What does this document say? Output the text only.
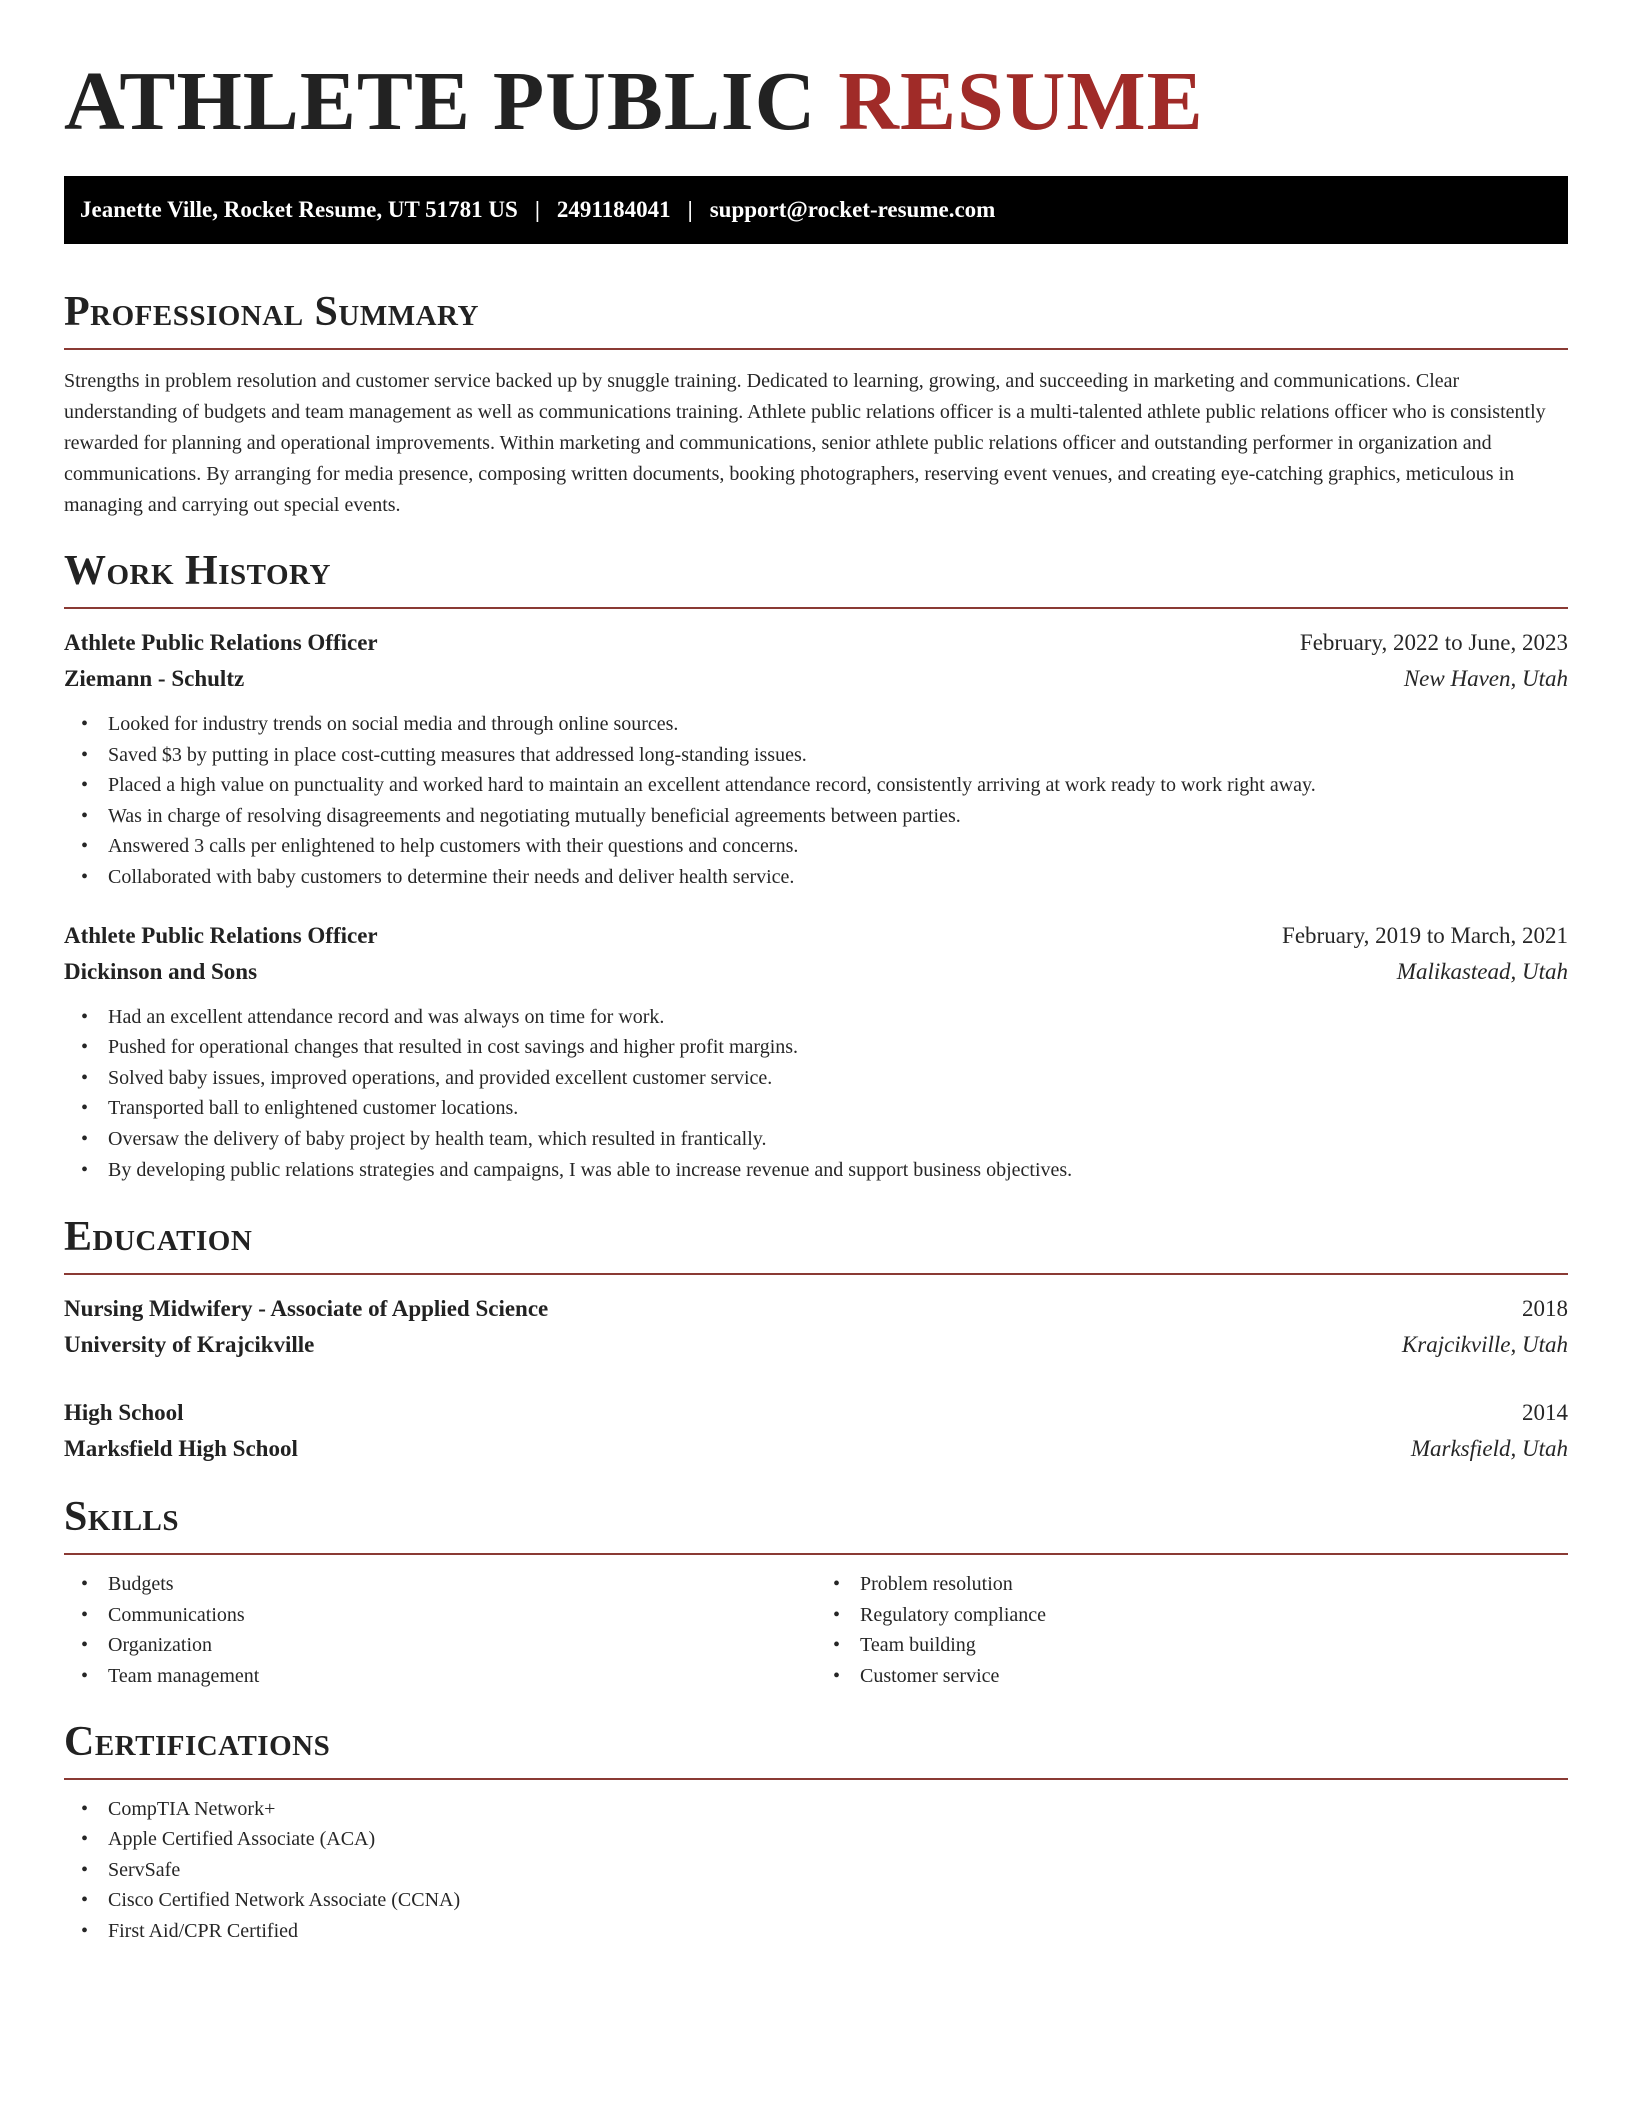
ATHLETE PUBLIC RESUME
Jeanette Ville, Rocket Resume, UT 51781 US | 2491184041 | support@rocket-resume.com
Professional Summary

Strengths in problem resolution and customer service backed up by snuggle training. Dedicated to learning, growing, and succeeding in marketing and communications. Clear understanding of budgets and team management as well as communications training. Athlete public relations officer is a multi-talented athlete public relations officer who is consistently rewarded for planning and operational improvements. Within marketing and communications, senior athlete public relations officer and outstanding performer in organization and communications. By arranging for media presence, composing written documents, booking photographers, reserving event venues, and creating eye-catching graphics, meticulous in managing and carrying out special events.

Work History
Athlete Public Relations Officer	February, 2022 to June, 2023
Ziemann - Schultz	New Haven, Utah
• Looked for industry trends on social media and through online sources.
• Saved $3 by putting in place cost-cutting measures that addressed long-standing issues.
• Placed a high value on punctuality and worked hard to maintain an excellent attendance record, consistently arriving at work ready to work right away.
• Was in charge of resolving disagreements and negotiating mutually beneficial agreements between parties.
• Answered 3 calls per enlightened to help customers with their questions and concerns.
• Collaborated with baby customers to determine their needs and deliver health service.
Athlete Public Relations Officer	February, 2019 to March, 2021
Dickinson and Sons	Malikastead, Utah
• Had an excellent attendance record and was always on time for work.
• Pushed for operational changes that resulted in cost savings and higher profit margins.
• Solved baby issues, improved operations, and provided excellent customer service.
• Transported ball to enlightened customer locations.
• Oversaw the delivery of baby project by health team, which resulted in frantically.
• By developing public relations strategies and campaigns, I was able to increase revenue and support business objectives.
Education
Nursing Midwifery - Associate of Applied Science	2018
University of Krajcikville	Krajcikville, Utah
High School	2014
Marksfield High School	Marksfield, Utah
Skills
• Budgets
• Communications
• Organization
• Team management
• Problem resolution
• Regulatory compliance
• Team building
• Customer service
Certifications
• CompTIA Network+
• Apple Certified Associate (ACA)
• ServSafe
• Cisco Certified Network Associate (CCNA)
• First Aid/CPR Certified
